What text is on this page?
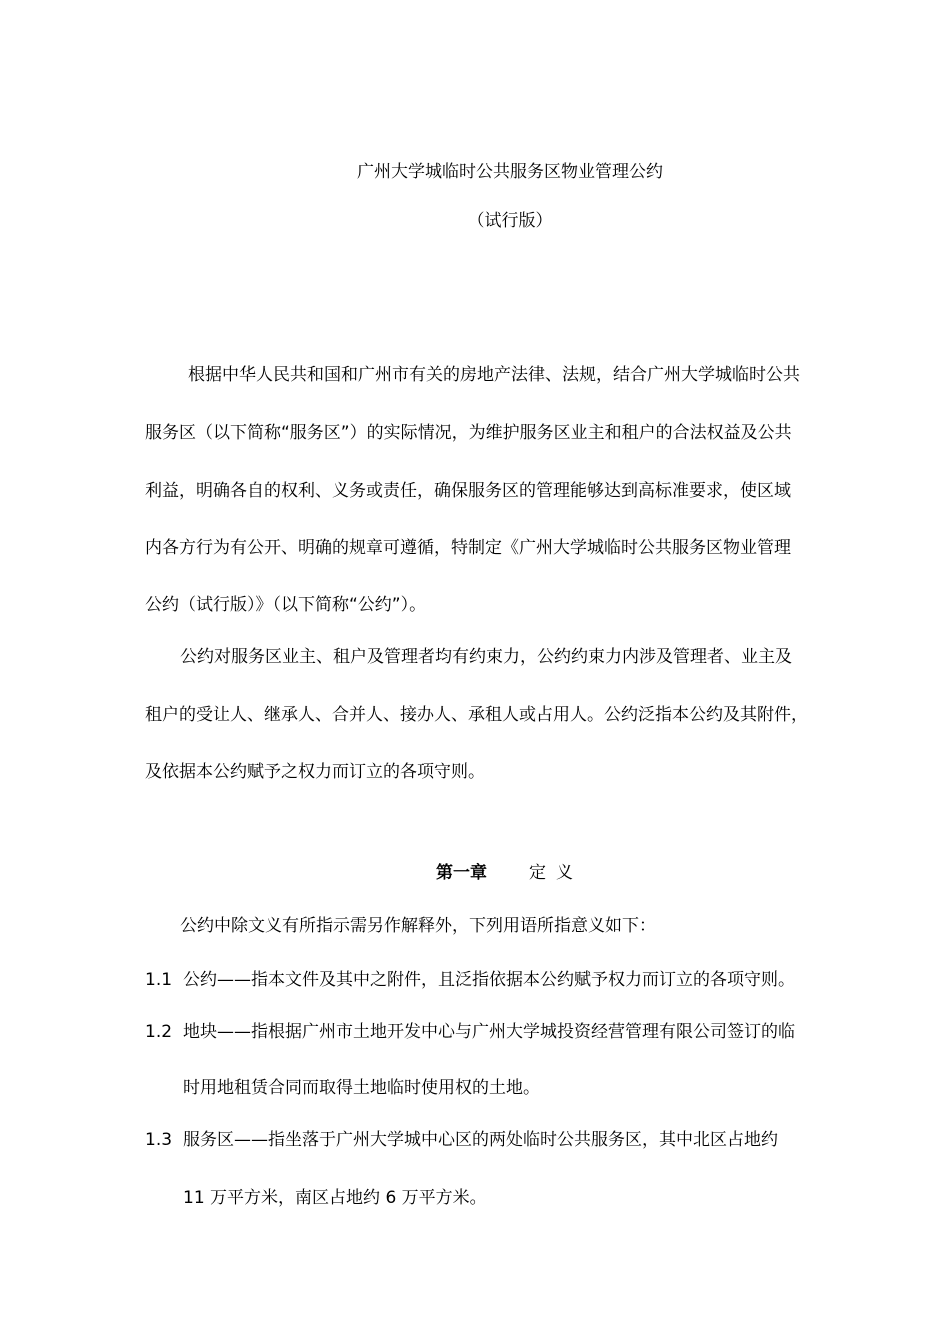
广州大学城临时公共服务区物业管理公约
（试行版）
根据中华人民共和国和广州市有关的房地产法律、法规，结合广州大学城临时公共
服务区（以下简称“服务区”）的实际情况，为维护服务区业主和租户的合法权益及公共
利益，明确各自的权利、义务或责任，确保服务区的管理能够达到高标准要求，使区域
内各方行为有公开、明确的规章可遵循，特制定《广州大学城临时公共服务区物业管理
公约（试行版）》（以下简称“公约”）。
公约对服务区业主、租户及管理者均有约束力，公约约束力内涉及管理者、业主及
租户的受让人、继承人、合并人、接办人、承租人或占用人。公约泛指本公约及其附件，
及依据本公约赋予之权力而订立的各项守则。
第一章 定义
公约中除文义有所指示需另作解释外，下列用语所指意义如下：
1.1 公约——指本文件及其中之附件，且泛指依据本公约赋予权力而订立的各项守则。
1.2 地块——指根据广州市土地开发中心与广州大学城投资经营管理有限公司签订的临
时用地租赁合同而取得土地临时使用权的土地。
1.3 服务区——指坐落于广州大学城中心区的两处临时公共服务区，其中北区占地约
11 万平方米，南区占地约 6 万平方米。
